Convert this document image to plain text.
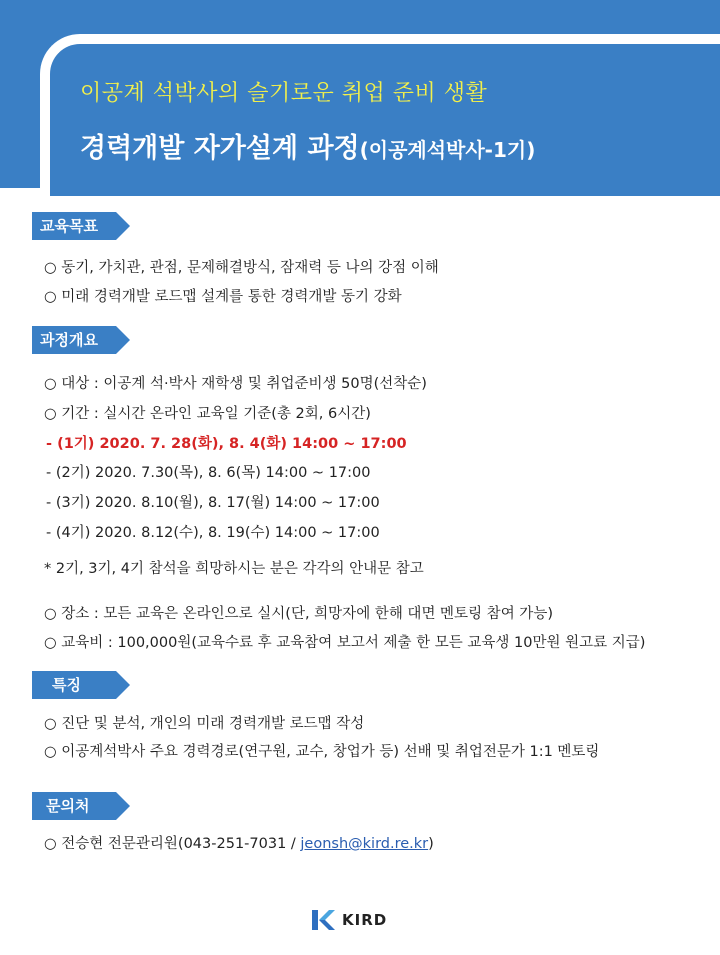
이공계 석박사의 슬기로운 취업 준비 생활
경력개발 자가설계 과정(이공계석박사-1기)
교육목표
○ 동기, 가치관, 관점, 문제해결방식, 잠재력 등 나의 강점 이해
○ 미래 경력개발 로드맵 설계를 통한 경력개발 동기 강화
과정개요
○ 대상 : 이공계 석·박사 재학생 및 취업준비생 50명(선착순)
○ 기간 : 실시간 온라인 교육일 기준(총 2회, 6시간)
- (1기) 2020. 7. 28(화), 8. 4(화) 14:00 ~ 17:00
- (2기) 2020. 7.30(목), 8. 6(목) 14:00 ~ 17:00
- (3기) 2020. 8.10(월), 8. 17(월) 14:00 ~ 17:00
- (4기) 2020. 8.12(수), 8. 19(수) 14:00 ~ 17:00
* 2기, 3기, 4기 참석을 희망하시는 분은 각각의 안내문 참고
○ 장소 : 모든 교육은 온라인으로 실시(단, 희망자에 한해 대면 멘토링 참여 가능)
○ 교육비 : 100,000원(교육수료 후 교육참여 보고서 제출 한 모든 교육생 10만원 원고료 지급)
특징
○ 진단 및 분석, 개인의 미래 경력개발 로드맵 작성
○ 이공계석박사 주요 경력경로(연구원, 교수, 창업가 등) 선배 및 취업전문가 1:1 멘토링
문의처
○ 전승현 전문관리원(043-251-7031 / jeonsh@kird.re.kr)
KIRD
